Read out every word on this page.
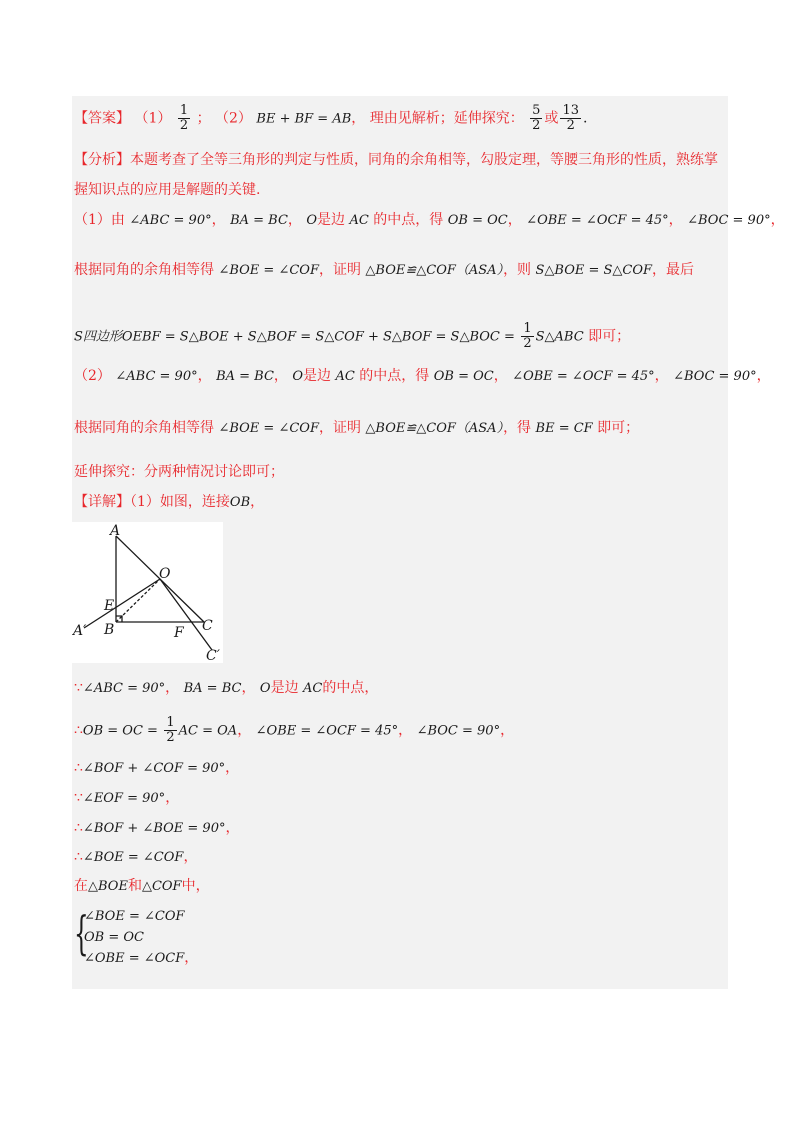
【答案】 $(1) \frac{1}{2}$ ； （2） BE + BF = AB， 理由见解析；延伸探究： $\frac{5}{2}$ 或 $\frac{13}{2}$ .
【分析】本题考查了全等三角形的判定与性质，同角的余角相等，勾股定理，等腰三角形的性质，熟练掌
握知识点的应用是解题的关键.
（1）由 ∠ABC = 90°， BA = BC， O是边 AC 的中点，得 OB = OC， ∠OBE = ∠OCF = 45°， ∠BOC = 90°，
根据同角的余角相等得 ∠BOE = ∠COF，证明 △BOE≌△COF（ASA），则 S△BOE = S△COF，最后
S四边形OEBF = S△BOE + S△BOF = S△COF + S△BOF = S△BOC = $\frac{1}{2}$ S△ABC 即可；
（2） ∠ABC = 90°， BA = BC， O是边 AC 的中点，得 OB = OC， ∠OBE = ∠OCF = 45°， ∠BOC = 90°，
根据同角的余角相等得 ∠BOE = ∠COF，证明 △BOE≌△COF（ASA），得 BE = CF 即可；
延伸探究：分两种情况讨论即可；
【详解】（1）如图，连接OB，
A
O
E
A′ B	F C
C′
∵∠ABC = 90°， BA = BC， O是边 AC的中点，
∴OB = OC = $\frac{1}{2}$ AC = OA， ∠OBE = ∠OCF = 45°， ∠BOC = 90°，
∴∠BOF + ∠COF = 90°，
∵∠EOF = 90°，
∴∠BOF + ∠BOE = 90°，
∴∠BOE = ∠COF，
在△BOE和△COF中，
{
∠BOE = ∠COF
OB = OC
∠OBE = ∠OCF，
